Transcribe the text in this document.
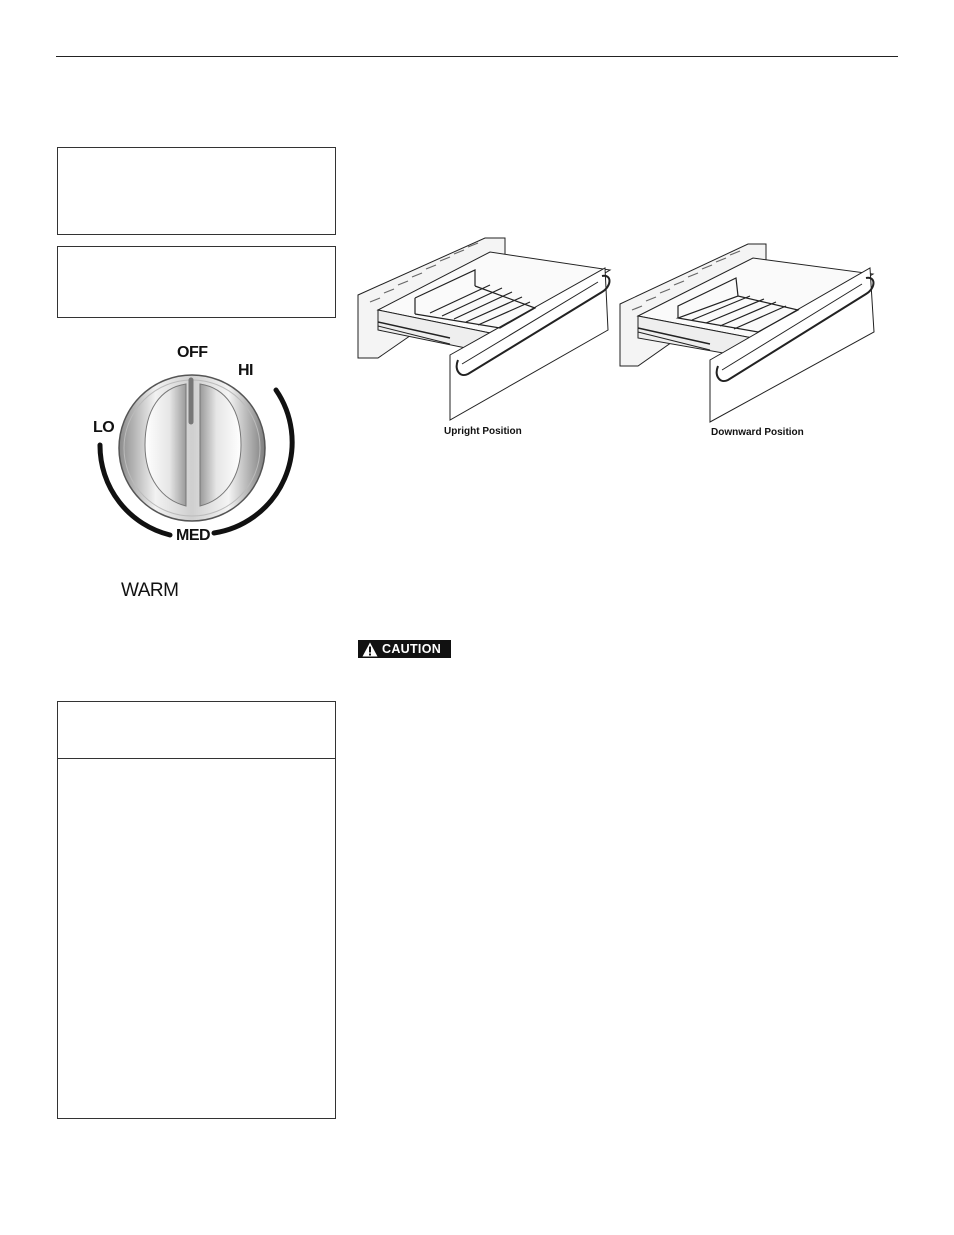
OFF
HI
LO
MED
WARM
Upright Position	Downward Position
CAUTION
